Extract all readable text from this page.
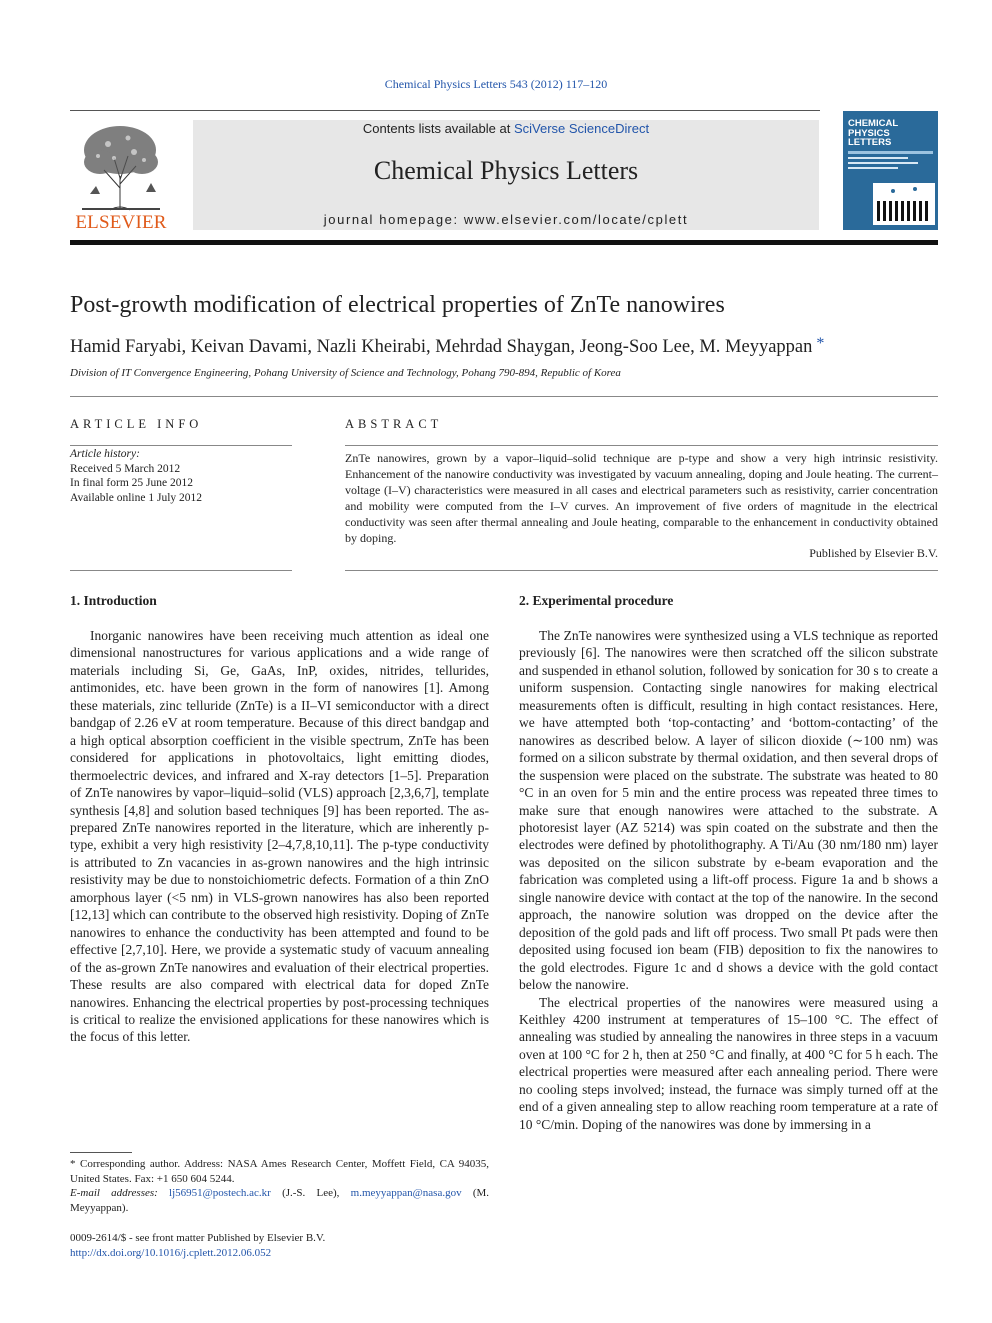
Chemical Physics Letters 543 (2012) 117–120
ELSEVIER
Contents lists available at SciVerse ScienceDirect
Chemical Physics Letters
journal homepage: www.elsevier.com/locate/cplett
CHEMICAL
PHYSICS
LETTERS
Post-growth modification of electrical properties of ZnTe nanowires
Hamid Faryabi, Keivan Davami, Nazli Kheirabi, Mehrdad Shaygan, Jeong-Soo Lee, M. Meyyappan *
Division of IT Convergence Engineering, Pohang University of Science and Technology, Pohang 790-894, Republic of Korea
ARTICLE INFO	ABSTRACT
Article history:
Received 5 March 2012
In final form 25 June 2012
Available online 1 July 2012
ZnTe nanowires, grown by a vapor–liquid–solid technique are p-type and show a very high intrinsic resistivity. Enhancement of the nanowire conductivity was investigated by vacuum annealing, doping and Joule heating. The current–voltage (I–V) characteristics were measured in all cases and electrical parameters such as resistivity, carrier concentration and mobility were computed from the I–V curves. An improvement of five orders of magnitude in the electrical conductivity was seen after thermal annealing and Joule heating, comparable to the enhancement in conductivity obtained by doping.
Published by Elsevier B.V.
1. Introduction	2. Experimental procedure

Inorganic nanowires have been receiving much attention as ideal one dimensional nanostructures for various applications and a wide range of materials including Si, Ge, GaAs, InP, oxides, nitrides, tellurides, antimonides, etc. have been grown in the form of nanowires [1]. Among these materials, zinc telluride (ZnTe) is a II–VI semiconductor with a direct bandgap of 2.26 eV at room temperature. Because of this direct bandgap and a high optical absorption coefficient in the visible spectrum, ZnTe has been considered for applications in photovoltaics, light emitting diodes, thermoelectric devices, and infrared and X-ray detectors [1–5]. Preparation of ZnTe nanowires by vapor–liquid–solid (VLS) approach [2,3,6,7], template synthesis [4,8] and solution based techniques [9] has been reported. The as-prepared ZnTe nanowires reported in the literature, which are inherently p-type, exhibit a very high resistivity [2–4,7,8,10,11]. The p-type conductivity is attributed to Zn vacancies in as-grown nanowires and the high intrinsic resistivity may be due to nonstoichiometric defects. Formation of a thin ZnO amorphous layer (<5 nm) in VLS-grown nanowires has also been reported [12,13] which can contribute to the observed high resistivity. Doping of ZnTe nanowires to enhance the conductivity has been attempted and found to be effective [2,7,10]. Here, we provide a systematic study of vacuum annealing of the as-grown ZnTe nanowires and evaluation of their electrical properties. These results are also compared with electrical data for doped ZnTe nanowires. Enhancing the electrical properties by post-processing techniques is critical to realize the envisioned applications for these nanowires which is the focus of this letter.

The ZnTe nanowires were synthesized using a VLS technique as reported previously [6]. The nanowires were then scratched off the silicon substrate and suspended in ethanol solution, followed by sonication for 30 s to create a uniform suspension. Contacting single nanowires for making electrical measurements often is difficult, resulting in high contact resistances. Here, we have attempted both ‘top-contacting’ and ‘bottom-contacting’ of the nanowires as described below. A layer of silicon dioxide (∼100 nm) was formed on a silicon substrate by thermal oxidation, and then several drops of the suspension were placed on the substrate. The substrate was heated to 80 °C in an oven for 5 min and the entire process was repeated three times to make sure that enough nanowires were attached to the substrate. A photoresist layer (AZ 5214) was spin coated on the substrate and then the electrodes were defined by photolithography. A Ti/Au (30 nm/180 nm) layer was deposited on the silicon substrate by e-beam evaporation and the fabrication was completed using a lift-off process. Figure 1a and b shows a single nanowire device with contact at the top of the nanowire. In the second approach, the nanowire solution was dropped on the device after the deposition of the gold pads and lift off process. Two small Pt pads were then deposited using focused ion beam (FIB) deposition to fix the nanowires to the gold electrodes. Figure 1c and d shows a device with the gold contact below the nanowire.

The electrical properties of the nanowires were measured using a Keithley 4200 instrument at temperatures of 15–100 °C. The effect of annealing was studied by annealing the nanowires in three steps in a vacuum oven at 100 °C for 2 h, then at 250 °C and finally, at 400 °C for 5 h each. The electrical properties were measured after each annealing period. There were no cooling steps involved; instead, the furnace was simply turned off at the end of a given annealing step to allow reaching room temperature at a rate of 10 °C/min. Doping of the nanowires was done by immersing in a

* Corresponding author. Address: NASA Ames Research Center, Moffett Field, CA 94035, United States. Fax: +1 650 604 5244.
E-mail addresses: lj56951@postech.ac.kr (J.-S. Lee), m.meyyappan@nasa.gov (M. Meyyappan).
0009-2614/$ - see front matter Published by Elsevier B.V.
http://dx.doi.org/10.1016/j.cplett.2012.06.052
